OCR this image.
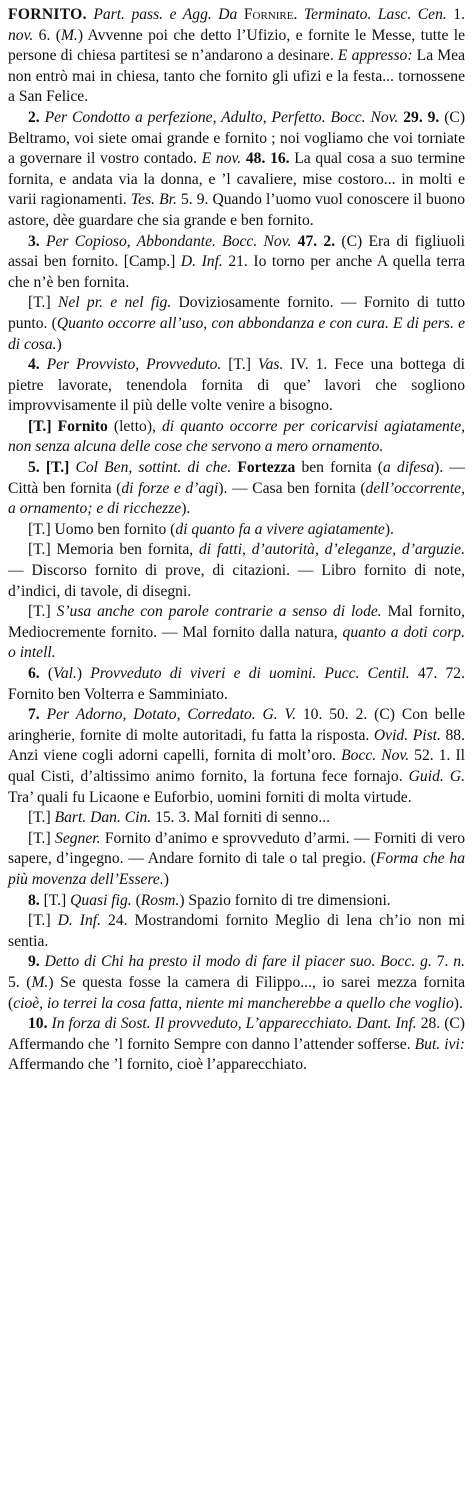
FORNITO. Part. pass. e Agg. Da Fornire. Terminato. Lasc. Cen. 1. nov. 6. (M.) Avvenne poi che detto l’Ufizio, e fornite le Messe, tutte le persone di chiesa partitesi se n’andarono a desinare. E appresso: La Mea non entrò mai in chiesa, tanto che fornito gli ufizi e la festa... tornossene a San Felice.

2. Per Condotto a perfezione, Adulto, Perfetto. Bocc. Nov. 29. 9. (C) Beltramo, voi siete omai grande e fornito ; noi vogliamo che voi torniate a governare il vostro contado. E nov. 48. 16. La qual cosa a suo termine fornita, e andata via la donna, e ’l cavaliere, mise costoro... in molti e varii ragionamenti. Tes. Br. 5. 9. Quando l’uomo vuol conoscere il buono astore, dèe guardare che sia grande e ben fornito.

3. Per Copioso, Abbondante. Bocc. Nov. 47. 2. (C) Era di figliuoli assai ben fornito. [Camp.] D. Inf. 21. Io torno per anche A quella terra che n’è ben fornita.

[T.] Nel pr. e nel fig. Doviziosamente fornito. — Fornito di tutto punto. (Quanto occorre all’uso, con abbondanza e con cura. E di pers. e di cosa.)

4. Per Provvisto, Provveduto. [T.] Vas. IV. 1. Fece una bottega di pietre lavorate, tenendola fornita di que’ lavori che sogliono improvvisamente il più delle volte venire a bisogno.

[T.] Fornito (letto), di quanto occorre per coricarvisi agiatamente, non senza alcuna delle cose che servono a mero ornamento.

5. [T.] Col Ben, sottint. di che. Fortezza ben fornita (a difesa). — Città ben fornita (di forze e d’agi). — Casa ben fornita (dell’occorrente, a ornamento; e di ricchezze).

[T.] Uomo ben fornito (di quanto fa a vivere agiatamente).

[T.] Memoria ben fornita, di fatti, d’autorità, d’eleganze, d’arguzie. — Discorso fornito di prove, di citazioni. — Libro fornito di note, d’indici, di tavole, di disegni.

[T.] S’usa anche con parole contrarie a senso di lode. Mal fornito, Mediocremente fornito. — Mal fornito dalla natura, quanto a doti corp. o intell.

6. (Val.) Provveduto di viveri e di uomini. Pucc. Centil. 47. 72. Fornito ben Volterra e Samminiato.

7. Per Adorno, Dotato, Corredato. G. V. 10. 50. 2. (C) Con belle aringherie, fornite di molte autoritadi, fu fatta la risposta. Ovid. Pist. 88. Anzi viene cogli adorni capelli, fornita di molt’oro. Bocc. Nov. 52. 1. Il qual Cisti, d’altissimo animo fornito, la fortuna fece fornajo. Guid. G. Tra’ quali fu Licaone e Euforbio, uomini forniti di molta virtude.

[T.] Bart. Dan. Cin. 15. 3. Mal forniti di senno...

[T.] Segner. Fornito d’animo e sprovveduto d’armi. — Forniti di vero sapere, d’ingegno. — Andare fornito di tale o tal pregio. (Forma che ha più movenza dell’Essere.)

8. [T.] Quasi fig. (Rosm.) Spazio fornito di tre dimensioni.

[T.] D. Inf. 24. Mostrandomi fornito Meglio di lena ch’io non mi sentia.

9. Detto di Chi ha presto il modo di fare il piacer suo. Bocc. g. 7. n. 5. (M.) Se questa fosse la camera di Filippo..., io sarei mezza fornita (cioè, io terrei la cosa fatta, niente mi mancherebbe a quello che voglio).

10. In forza di Sost. Il provveduto, L’apparecchiato. Dant. Inf. 28. (C) Affermando che ’l fornito Sempre con danno l’attender sofferse. But. ivi: Affermando che ’l fornito, cioè l’apparecchiato.
